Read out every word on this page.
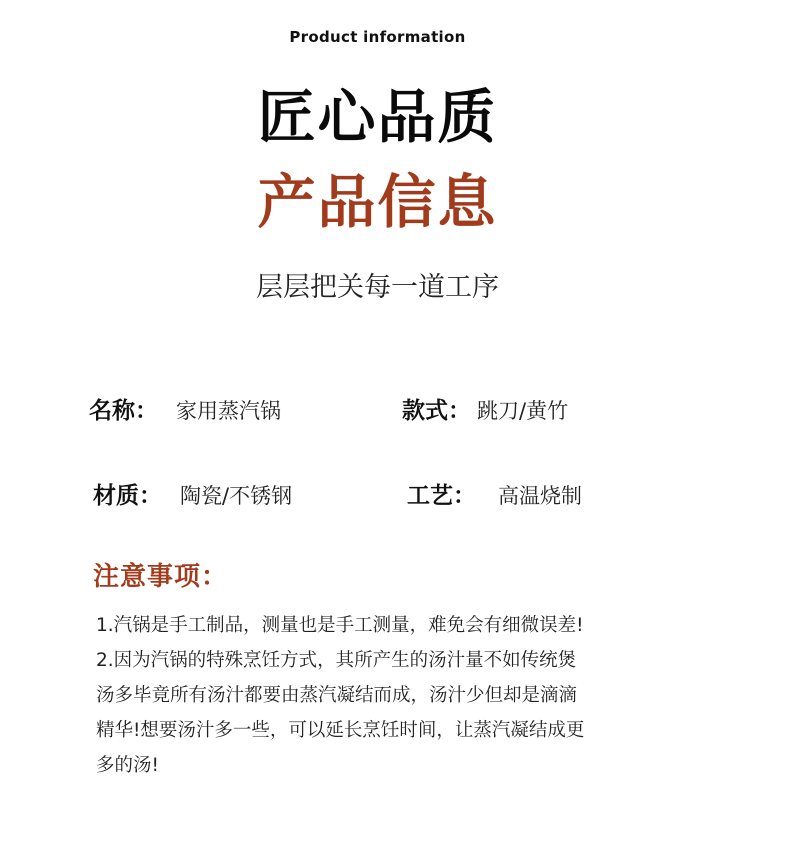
Product information
匠心品质
产品信息
层层把关每一道工序
名称 ： 家用蒸汽锅	款式 ： 跳刀/黄竹
材质 ： 陶瓷/不锈钢	工艺 ： 高温烧制
注意事项：
1.汽锅是手工制品，测量也是手工测量，难免会有细微误差!
2.因为汽锅的特殊烹饪方式，其所产生的汤汁量不如传统煲
汤多毕竟所有汤汁都要由蒸汽凝结而成，汤汁少但却是滴滴
精华!想要汤汁多一些，可以延长烹饪时间，让蒸汽凝结成更
多的汤!
